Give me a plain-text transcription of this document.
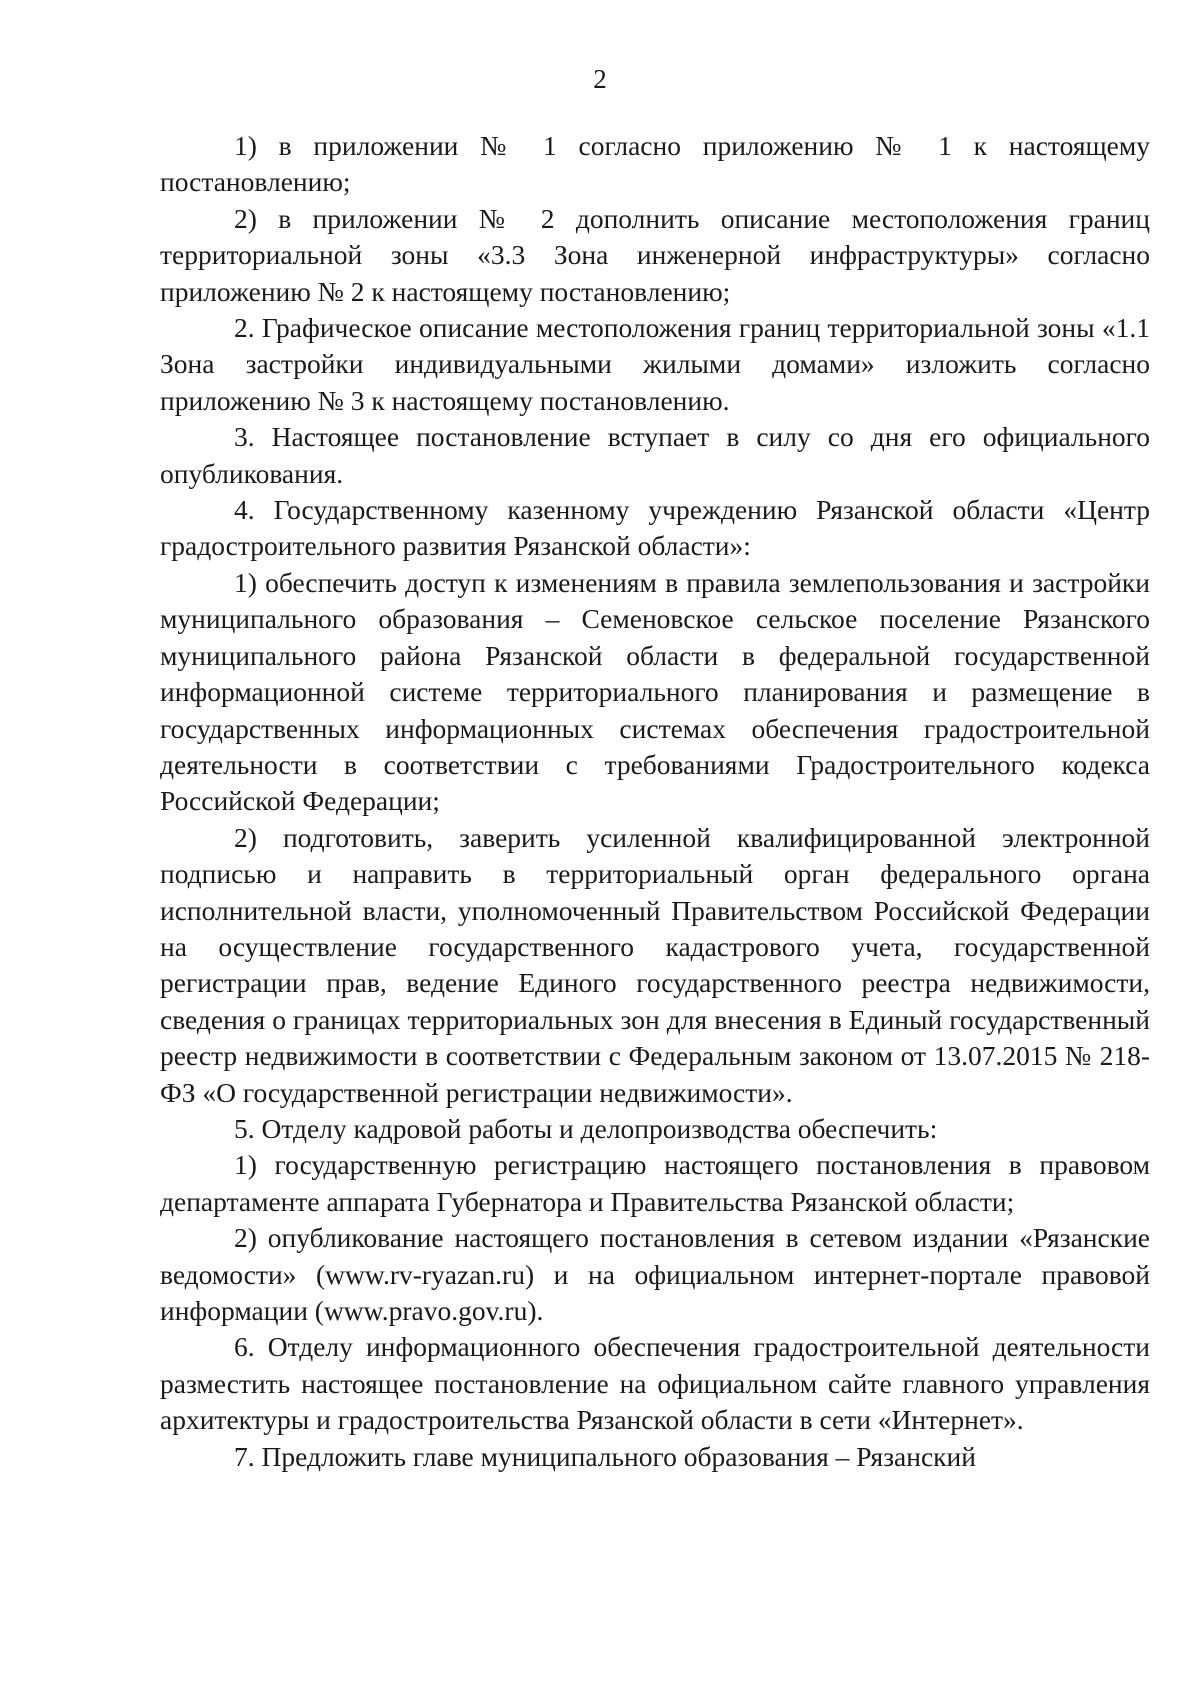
2

1) в приложении № 1 согласно приложению № 1 к настоящему постановлению;

2) в приложении № 2 дополнить описание местоположения границ территориальной зоны «3.3 Зона инженерной инфраструктуры» согласно приложению № 2 к настоящему постановлению;

2. Графическое описание местоположения границ территориальной зоны «1.1 Зона застройки индивидуальными жилыми домами» изложить согласно приложению № 3 к настоящему постановлению.

3. Настоящее постановление вступает в силу со дня его официального опубликования.

4. Государственному казенному учреждению Рязанской области «Центр градостроительного развития Рязанской области»:

1) обеспечить доступ к изменениям в правила землепользования и застройки муниципального образования – Семеновское сельское поселение Рязанского муниципального района Рязанской области в федеральной государственной информационной системе территориального планирования и размещение в государственных информационных системах обеспечения градостроительной деятельности в соответствии с требованиями Градостроительного кодекса Российской Федерации;

2) подготовить, заверить усиленной квалифицированной электронной подписью и направить в территориальный орган федерального органа исполнительной власти, уполномоченный Правительством Российской Федерации на осуществление государственного кадастрового учета, государственной регистрации прав, ведение Единого государственного реестра недвижимости, сведения о границах территориальных зон для внесения в Единый государственный реестр недвижимости в соответствии с Федеральным законом от 13.07.2015 № 218-ФЗ «О государственной регистрации недвижимости».

5. Отделу кадровой работы и делопроизводства обеспечить:

1) государственную регистрацию настоящего постановления в правовом департаменте аппарата Губернатора и Правительства Рязанской области;

2) опубликование настоящего постановления в сетевом издании «Рязанские ведомости» (www.rv-ryazan.ru) и на официальном интернет-портале правовой информации (www.pravo.gov.ru).

6. Отделу информационного обеспечения градостроительной деятельности разместить настоящее постановление на официальном сайте главного управления архитектуры и градостроительства Рязанской области в сети «Интернет».

7. Предложить главе муниципального образования – Рязанский
